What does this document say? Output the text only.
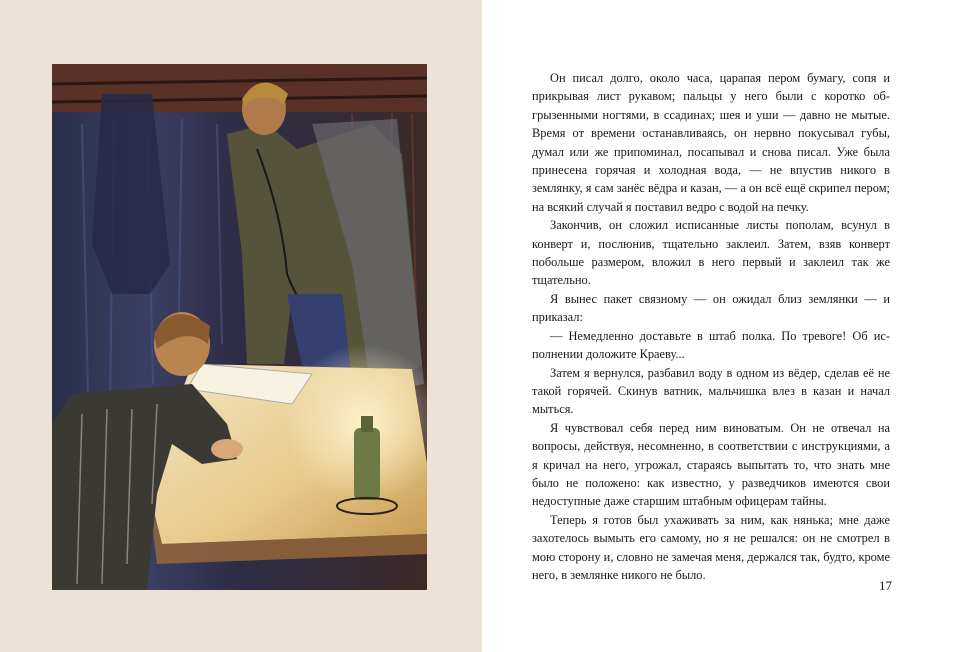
Он писал долго, около часа, царапая пером бумагу, сопя и прикрывая лист рукавом; пальцы у него были с коротко обгрызенными ногтями, в ссадинах; шея и уши — давно не мытые. Время от времени останавливаясь, он нервно покусывал губы, думал или же припоминал, посапывал и снова писал. Уже была принесена горячая и холодная вода, — не впустив никого в землянку, я сам занёс вёдра и казан, — а он всё ещё скрипел пером; на всякий случай я поставил ведро с водой на печку.

Закончив, он сложил исписанные листы пополам, всунул в конверт и, послюнив, тщательно заклеил. Затем, взяв конверт побольше размером, вложил в него первый и заклеил так же тщательно.

Я вынес пакет связному — он ожидал близ землянки — и приказал:

— Немедленно доставьте в штаб полка. По тревоге! Об исполнении доложите Краеву...

Затем я вернулся, разбавил воду в одном из вёдер, сделав её не такой горячей. Скинув ватник, мальчишка влез в казан и начал мыться.

Я чувствовал себя перед ним виноватым. Он не отвечал на вопросы, действуя, несомненно, в соответствии с инструкциями, а я кричал на него, угрожал, стараясь выпытать то, что знать мне было не положено: как известно, у разведчиков имеются свои недоступные даже старшим штабным офицерам тайны.

Теперь я готов был ухаживать за ним, как нянька; мне даже захотелось вымыть его самому, но я не решался: он не смотрел в мою сторону и, словно не замечая меня, держался так, будто, кроме него, в землянке никого не было.

17
